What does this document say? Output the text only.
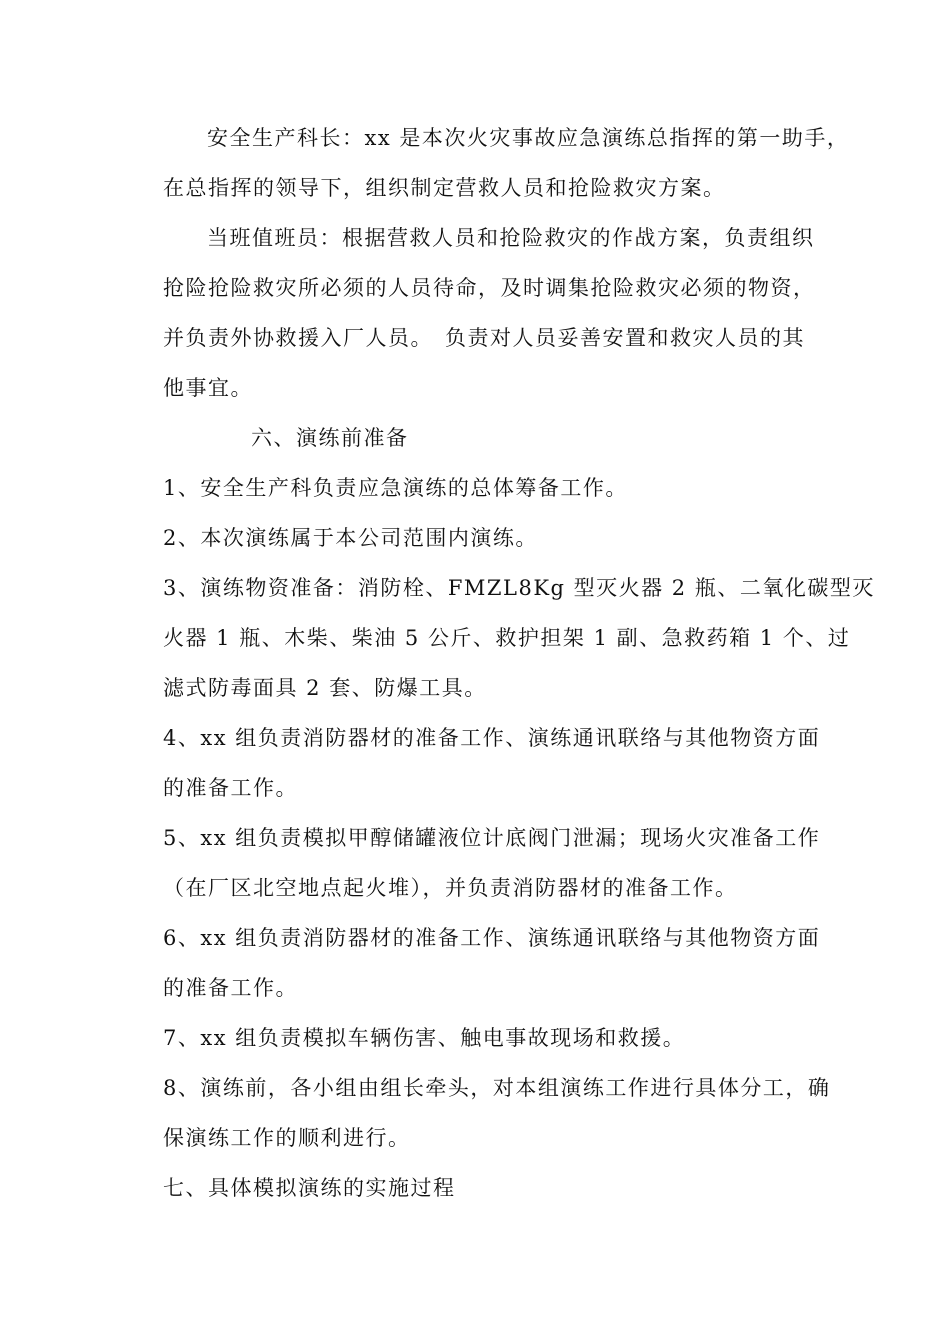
安全生产科长：xx 是本次火灾事故应急演练总指挥的第一助手，
在总指挥的领导下，组织制定营救人员和抢险救灾方案。
当班值班员：根据营救人员和抢险救灾的作战方案，负责组织
抢险抢险救灾所必须的人员待命，及时调集抢险救灾必须的物资，
并负责外协救援入厂人员。　负责对人员妥善安置和救灾人员的其
他事宜。
六、演练前准备
1、安全生产科负责应急演练的总体筹备工作。
2、本次演练属于本公司范围内演练。
3、演练物资准备：消防栓、FMZL8Kg 型灭火器 2 瓶、二氧化碳型灭
火器 1 瓶、木柴、柴油 5 公斤、救护担架 1 副、急救药箱 1 个、过
滤式防毒面具 2 套、防爆工具。
4、xx 组负责消防器材的准备工作、演练通讯联络与其他物资方面
的准备工作。
5、xx 组负责模拟甲醇储罐液位计底阀门泄漏；现场火灾准备工作
（在厂区北空地点起火堆），并负责消防器材的准备工作。
6、xx 组负责消防器材的准备工作、演练通讯联络与其他物资方面
的准备工作。
7、xx 组负责模拟车辆伤害、触电事故现场和救援。
8、演练前，各小组由组长牵头，对本组演练工作进行具体分工，确
保演练工作的顺利进行。
七、具体模拟演练的实施过程
